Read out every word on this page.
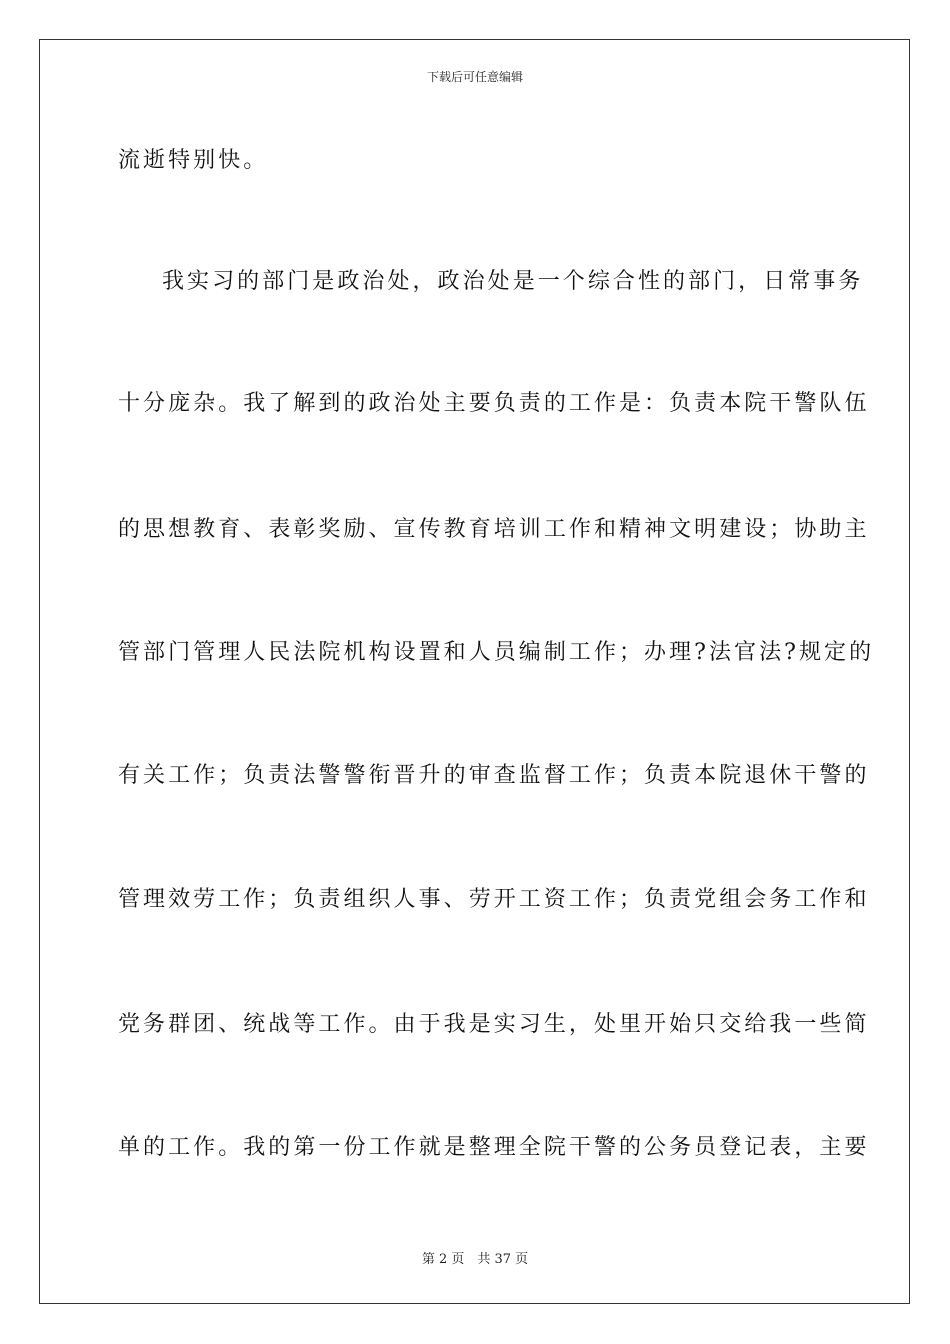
下载后可任意编辑
流逝特别快。
我实习的部门是政治处，政治处是一个综合性的部门，日常事务
十分庞杂。我了解到的政治处主要负责的工作是：负责本院干警队伍
的思想教育、表彰奖励、宣传教育培训工作和精神文明建设；协助主
管部门管理人民法院机构设置和人员编制工作；办理?法官法?规定的
有关工作；负责法警警衔晋升的审查监督工作；负责本院退休干警的
管理效劳工作；负责组织人事、劳开工资工作；负责党组会务工作和
党务群团、统战等工作。由于我是实习生，处里开始只交给我一些简
单的工作。我的第一份工作就是整理全院干警的公务员登记表，主要
第 2 页　共 37 页
